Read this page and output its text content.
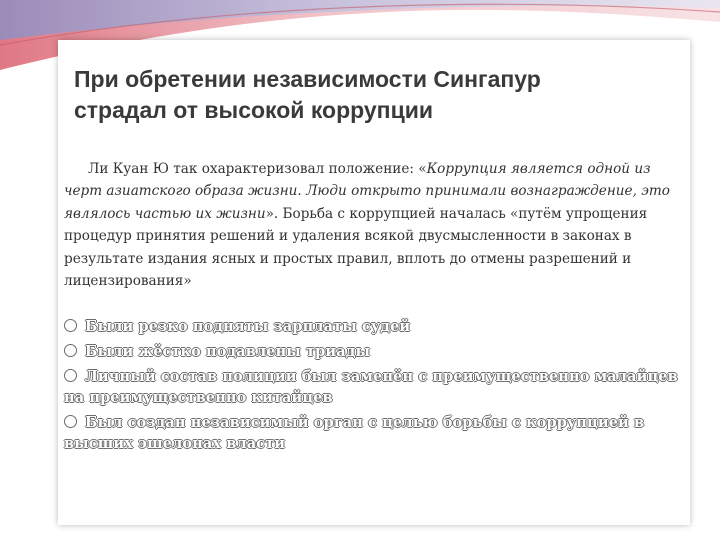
При обретении независимости Сингапур
страдал от высокой коррупции
Ли Куан Ю так охарактеризовал положение: «Коррупция является одной из черт азиатского образа жизни. Люди открыто принимали вознаграждение, это являлось частью их жизни». Борьба с коррупцией началась «путём упрощения процедур принятия решений и удаления всякой двусмысленности в законах в результате издания ясных и простых правил, вплоть до отмены разрешений и лицензирования»
Были резко подняты зарплаты судей
Были жёстко подавлены триады
Личный состав полиции был заменён с преимущественно малайцев на преимущественно китайцев
Был создан независимый орган с целью борьбы с коррупцией в высших эшелонах власти
